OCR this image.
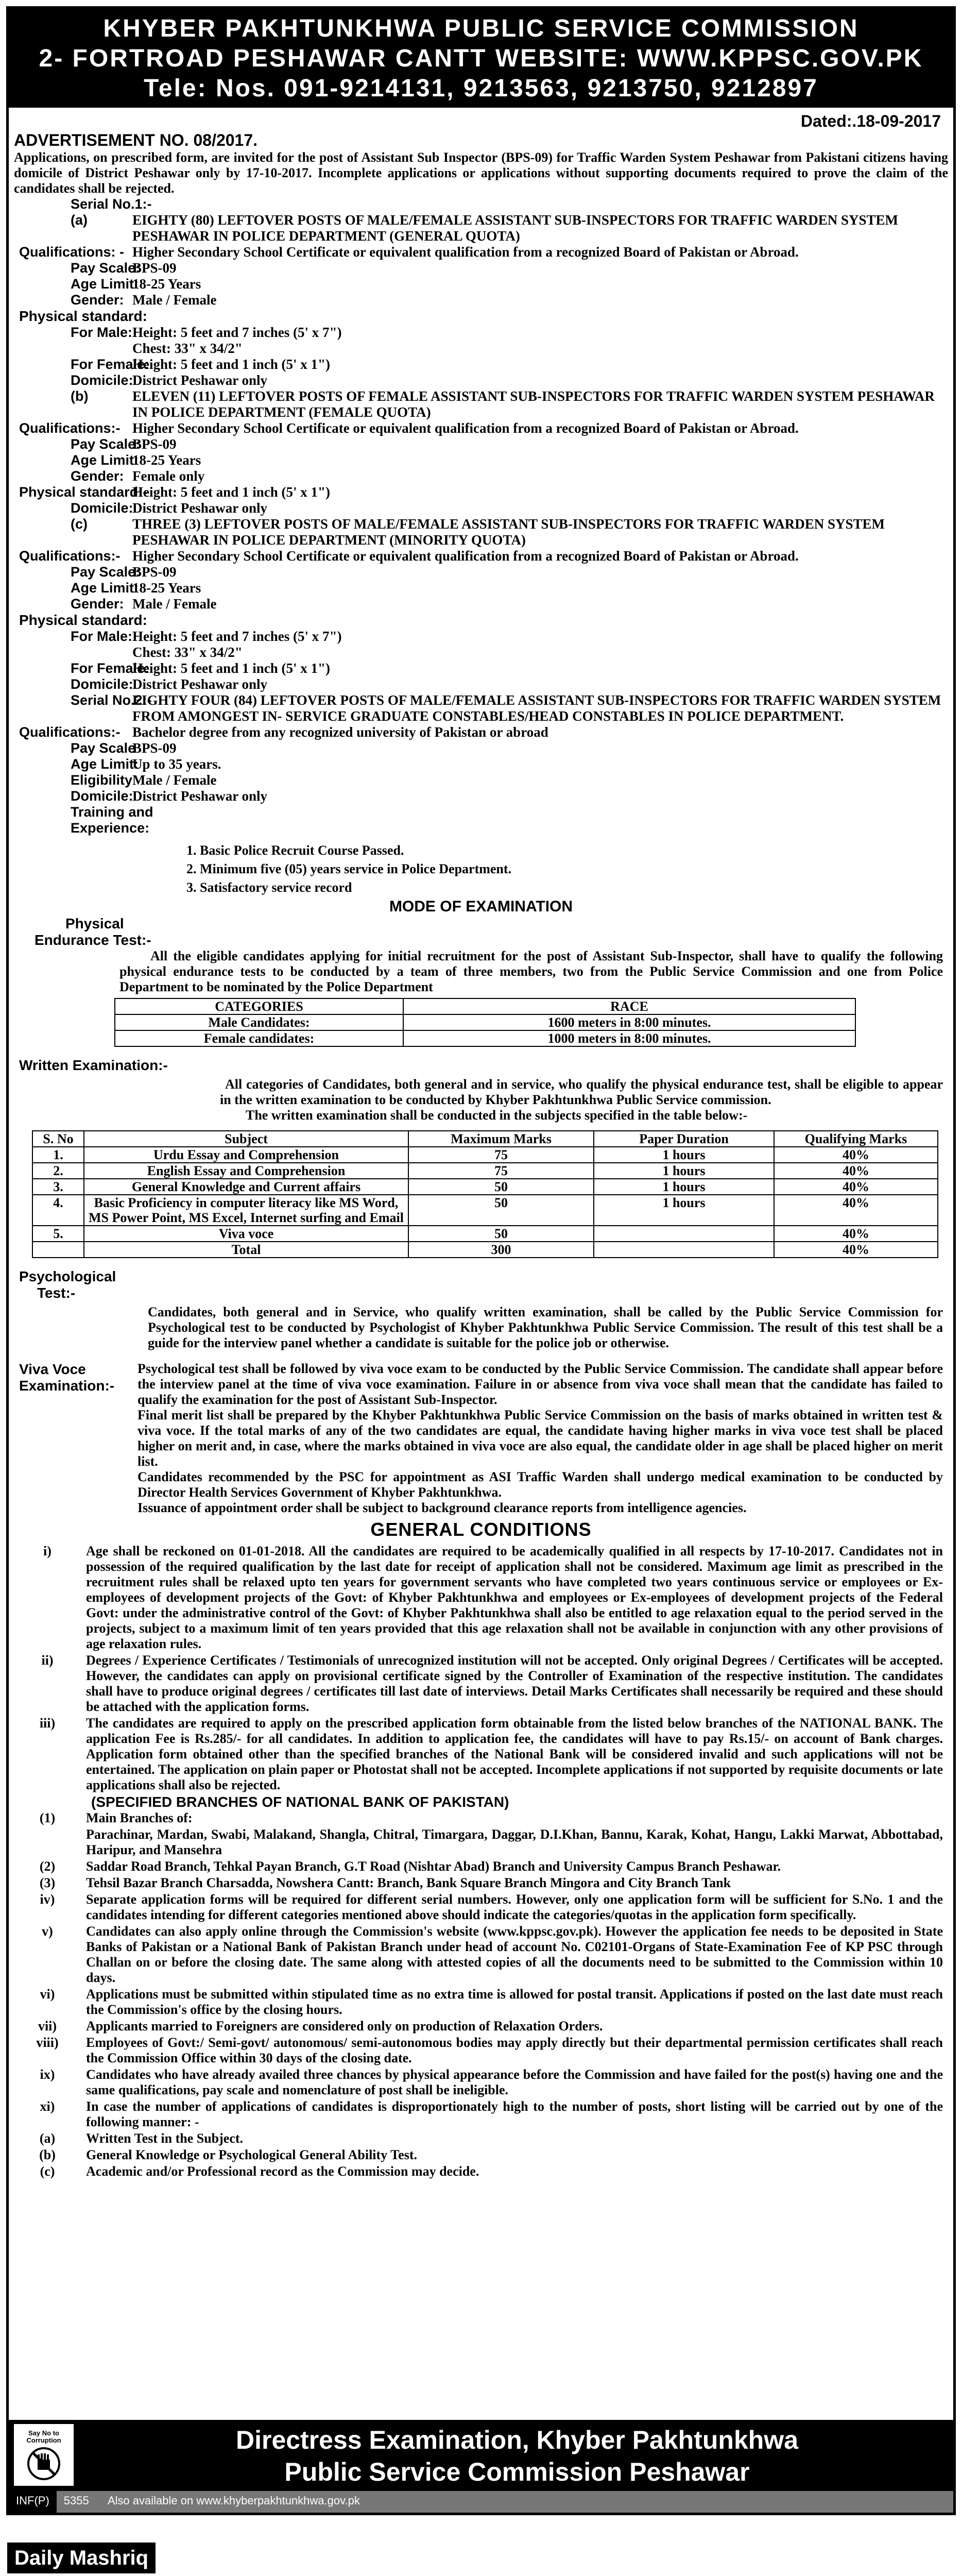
KHYBER PAKHTUNKHWA PUBLIC SERVICE COMMISSION
2- FORTROAD PESHAWAR CANTT WEBSITE: WWW.KPPSC.GOV.PK
Tele: Nos. 091-9214131, 9213563, 9213750, 9212897
Dated:.18-09-2017
ADVERTISEMENT NO. 08/2017.
Applications, on prescribed form, are invited for the post of Assistant Sub Inspector (BPS-09) for Traffic Warden System Peshawar from Pakistani citizens having domicile of District Peshawar only by 17-10-2017. Incomplete applications or applications without supporting documents required to prove the claim of the candidates shall be rejected.
Serial No.1:-
(a)	EIGHTY (80) LEFTOVER POSTS OF MALE/FEMALE ASSISTANT SUB-INSPECTORS FOR TRAFFIC WARDEN SYSTEM PESHAWAR IN POLICE DEPARTMENT (GENERAL QUOTA)
Qualifications: - Higher Secondary School Certificate or equivalent qualification from a recognized Board of Pakistan or Abroad.
Pay Scale:
BPS-09
Age Limit:
18-25 Years
Gender: Male / Female
Physical standard:
For Male: Height: 5 feet and 7 inches (5' x 7")
Chest: 33" x 34/2"
For Female:
Height: 5 feet and 1 inch (5' x 1")
Domicile:
District Peshawar only
(b)	ELEVEN (11) LEFTOVER POSTS OF FEMALE ASSISTANT SUB-INSPECTORS FOR TRAFFIC WARDEN SYSTEM PESHAWAR IN POLICE DEPARTMENT (FEMALE QUOTA)
Qualifications:- Higher Secondary School Certificate or equivalent qualification from a recognized Board of Pakistan or Abroad.
Pay Scale:
BPS-09
Age Limit:
18-25 Years
Gender: Female only
Physical standard:-
Height: 5 feet and 1 inch (5' x 1")
Domicile:
District Peshawar only
(c)	THREE (3) LEFTOVER POSTS OF MALE/FEMALE ASSISTANT SUB-INSPECTORS FOR TRAFFIC WARDEN SYSTEM PESHAWAR IN POLICE DEPARTMENT (MINORITY QUOTA)
Qualifications:- Higher Secondary School Certificate or equivalent qualification from a recognized Board of Pakistan or Abroad.
Pay Scale:
BPS-09
Age Limit:
18-25 Years
Gender: Male / Female
Physical standard:
For Male: Height: 5 feet and 7 inches (5' x 7")
Chest: 33" x 34/2"
For Female:
Height: 5 feet and 1 inch (5' x 1")
Domicile:
District Peshawar only
Serial No.2:-
EIGHTY FOUR (84) LEFTOVER POSTS OF MALE/FEMALE ASSISTANT SUB-INSPECTORS FOR TRAFFIC WARDEN SYSTEM FROM AMONGEST IN- SERVICE GRADUATE CONSTABLES/HEAD CONSTABLES IN POLICE DEPARTMENT.
Qualifications:- Bachelor degree from any recognized university of Pakistan or abroad
Pay Scale
BPS-09
Age Limit:
Up to 35 years.
Eligibility Male / Female
Domicile:
District Peshawar only
Training and
Experience:
1. Basic Police Recruit Course Passed.
2. Minimum five (05) years service in Police Department.
3. Satisfactory service record
MODE OF EXAMINATION
Physical
Endurance Test:-
All the eligible candidates applying for initial recruitment for the post of Assistant Sub-Inspector, shall have to qualify the following physical endurance tests to be conducted by a team of three members, two from the Public Service Commission and one from Police Department to be nominated by the Police Department
CATEGORIES	RACE
Male Candidates:	1600 meters in 8:00 minutes.
Female candidates:	1000 meters in 8:00 minutes.
Written Examination:-
All categories of Candidates, both general and in service, who qualify the physical endurance test, shall be eligible to appear in the written examination to be conducted by Khyber Pakhtunkhwa Public Service commission.
The written examination shall be conducted in the subjects specified in the table below:-
S. No	Subject	Maximum Marks	Paper Duration	Qualifying Marks
1.	Urdu Essay and Comprehension	75	1 hours	40%
2.	English Essay and Comprehension	75	1 hours	40%
3.	General Knowledge and Current affairs	50	1 hours	40%
4.	Basic Proficiency in computer literacy like MS Word, MS Power Point, MS Excel, Internet surfing and Email	50	1 hours	40%
5.	Viva voce	50		40%
	Total	300		40%
Psychological
Test:-
Candidates, both general and in Service, who qualify written examination, shall be called by the Public Service Commission for Psychological test to be conducted by Psychologist of Khyber Pakhtunkhwa Public Service Commission. The result of this test shall be a guide for the interview panel whether a candidate is suitable for the police job or otherwise.
Viva Voce
Examination:-
Psychological test shall be followed by viva voce exam to be conducted by the Public Service Commission. The candidate shall appear before the interview panel at the time of viva voce examination. Failure in or absence from viva voce shall mean that the candidate has failed to qualify the examination for the post of Assistant Sub-Inspector.
Final merit list shall be prepared by the Khyber Pakhtunkhwa Public Service Commission on the basis of marks obtained in written test & viva voce. If the total marks of any of the two candidates are equal, the candidate having higher marks in viva voce test shall be placed higher on merit and, in case, where the marks obtained in viva voce are also equal, the candidate older in age shall be placed higher on merit list.
Candidates recommended by the PSC for appointment as ASI Traffic Warden shall undergo medical examination to be conducted by Director Health Services Government of Khyber Pakhtunkhwa.
Issuance of appointment order shall be subject to background clearance reports from intelligence agencies.
GENERAL CONDITIONS
i)	Age shall be reckoned on 01-01-2018. All the candidates are required to be academically qualified in all respects by 17-10-2017. Candidates not in possession of the required qualification by the last date for receipt of application shall not be considered. Maximum age limit as prescribed in the recruitment rules shall be relaxed upto ten years for government servants who have completed two years continuous service or employees or Ex-employees of development projects of the Govt: of Khyber Pakhtunkhwa and employees or Ex-employees of development projects of the Federal Govt: under the administrative control of the Govt: of Khyber Pakhtunkhwa shall also be entitled to age relaxation equal to the period served in the projects, subject to a maximum limit of ten years provided that this age relaxation shall not be available in conjunction with any other provisions of age relaxation rules.
ii)	Degrees / Experience Certificates / Testimonials of unrecognized institution will not be accepted. Only original Degrees / Certificates will be accepted. However, the candidates can apply on provisional certificate signed by the Controller of Examination of the respective institution. The candidates shall have to produce original degrees / certificates till last date of interviews. Detail Marks Certificates shall necessarily be required and these should be attached with the application forms.
iii)	The candidates are required to apply on the prescribed application form obtainable from the listed below branches of the NATIONAL BANK. The application Fee is Rs.285/- for all candidates. In addition to application fee, the candidates will have to pay Rs.15/- on account of Bank charges. Application form obtained other than the specified branches of the National Bank will be considered invalid and such applications will not be entertained. The application on plain paper or Photostat shall not be accepted. Incomplete applications if not supported by requisite documents or late applications shall also be rejected.
(SPECIFIED BRANCHES OF NATIONAL BANK OF PAKISTAN)
(1)	Main Branches of:
Parachinar, Mardan, Swabi, Malakand, Shangla, Chitral, Timargara, Daggar, D.I.Khan, Bannu, Karak, Kohat, Hangu, Lakki Marwat, Abbottabad, Haripur, and Mansehra
(2)	Saddar Road Branch, Tehkal Payan Branch, G.T Road (Nishtar Abad) Branch and University Campus Branch Peshawar.
(3)	Tehsil Bazar Branch Charsadda, Nowshera Cantt: Branch, Bank Square Branch Mingora and City Branch Tank
iv)	Separate application forms will be required for different serial numbers. However, only one application form will be sufficient for S.No. 1 and the candidates intending for different categories mentioned above should indicate the categories/quotas in the application form specifically.
v)	Candidates can also apply online through the Commission's website (www.kppsc.gov.pk). However the application fee needs to be deposited in State Banks of Pakistan or a National Bank of Pakistan Branch under head of account No. C02101-Organs of State-Examination Fee of KP PSC through Challan on or before the closing date. The same along with attested copies of all the documents need to be submitted to the Commission within 10 days.
vi)	Applications must be submitted within stipulated time as no extra time is allowed for postal transit. Applications if posted on the last date must reach the Commission's office by the closing hours.
vii)	Applicants married to Foreigners are considered only on production of Relaxation Orders.
viii)	Employees of Govt:/ Semi-govt/ autonomous/ semi-autonomous bodies may apply directly but their departmental permission certificates shall reach the Commission Office within 30 days of the closing date.
ix)	Candidates who have already availed three chances by physical appearance before the Commission and have failed for the post(s) having one and the same qualifications, pay scale and nomenclature of post shall be ineligible.
xi)	In case the number of applications of candidates is disproportionately high to the number of posts, short listing will be carried out by one of the following manner: -
(a)	Written Test in the Subject.
(b)	General Knowledge or Psychological General Ability Test.
(c)	Academic and/or Professional record as the Commission may decide.
Directress Examination, Khyber Pakhtunkhwa
Public Service Commission Peshawar
Say No to Corruption
INF(P)	5355 Also available on www.khyberpakhtunkhwa.gov.pk
Daily Mashriq
